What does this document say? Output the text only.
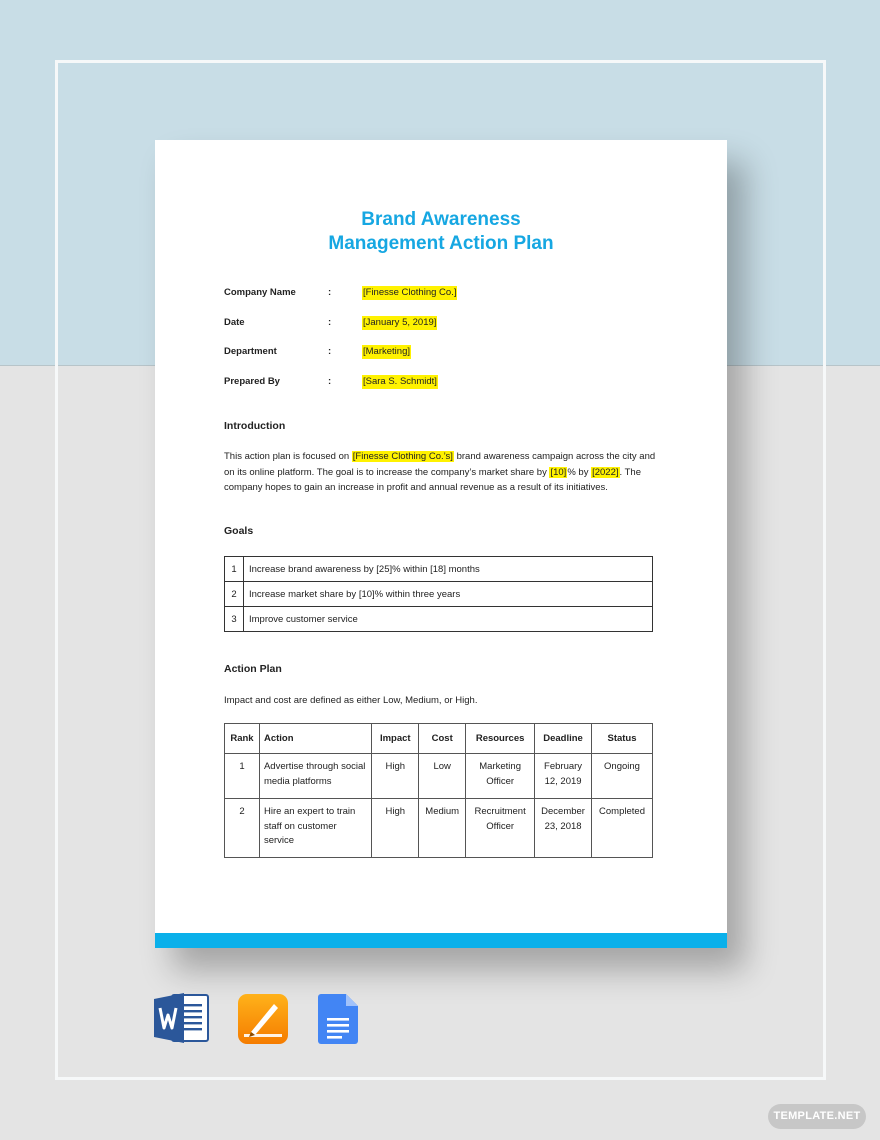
Brand Awareness
Management Action Plan
Company Name	:	[Finesse Clothing Co.]
Date	:	[January 5, 2019]
Department	:	[Marketing]
Prepared By	:	[Sara S. Schmidt]
Introduction

This action plan is focused on [Finesse Clothing Co.’s] brand awareness campaign across the city and on its online platform. The goal is to increase the company’s market share by [10]% by [2022]. The company hopes to gain an increase in profit and annual revenue as a result of its initiatives.

Goals
1	Increase brand awareness by [25]% within [18] months
2	Increase market share by [10]% within three years
3	Improve customer service
Action Plan
Impact and cost are defined as either Low, Medium, or High.
Rank	Action	Impact	Cost	Resources	Deadline	Status
1	Advertise through social media platforms	High	Low	Marketing Officer	February 12, 2019	Ongoing
2	Hire an expert to train staff on customer service	High	Medium	Recruitment Officer	December 23, 2018	Completed
TEMPLATE.NET
